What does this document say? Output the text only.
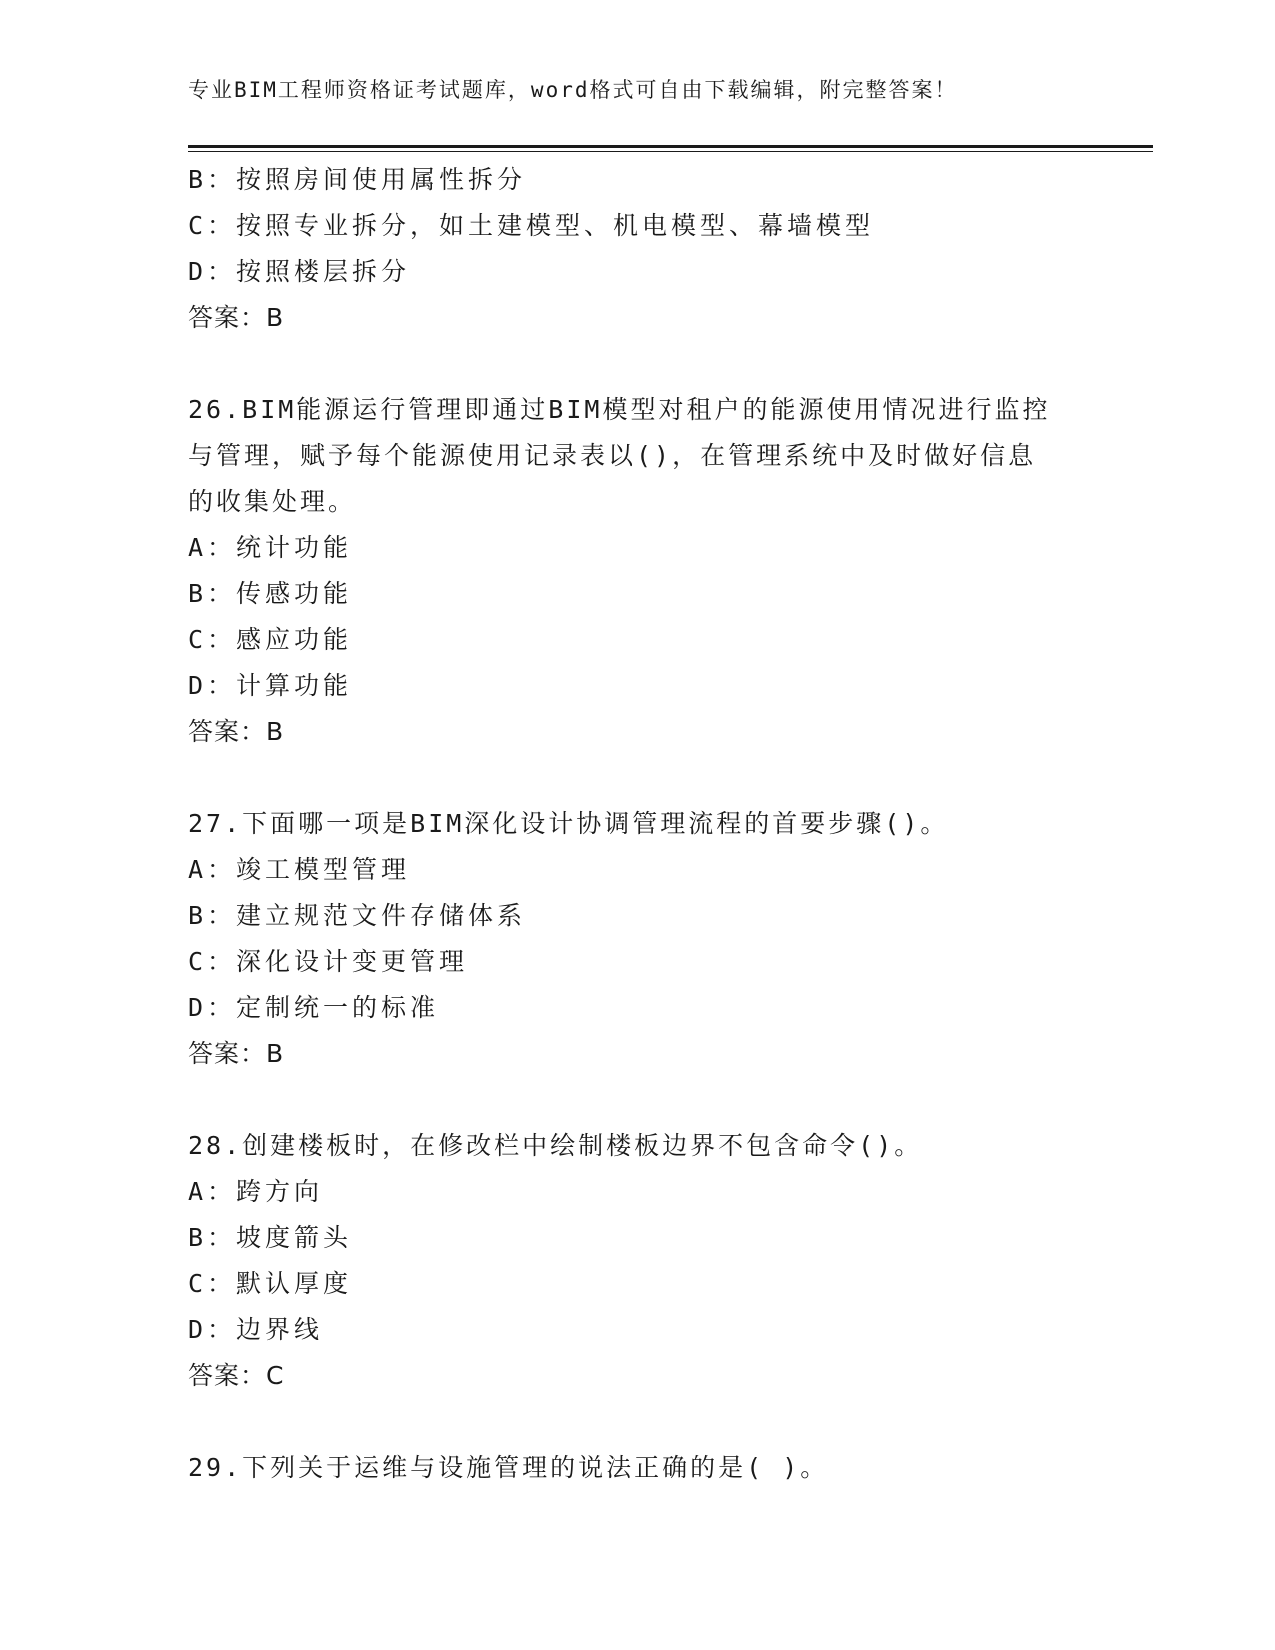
专业BIM工程师资格证考试题库，word格式可自由下载编辑，附完整答案！
B：按照房间使用属性拆分
C：按照专业拆分，如土建模型、机电模型、幕墙模型
D：按照楼层拆分
答案：B
26.BIM能源运行管理即通过BIM模型对租户的能源使用情况进行监控
与管理，赋予每个能源使用记录表以()，在管理系统中及时做好信息
的收集处理。
A：统计功能
B：传感功能
C：感应功能
D：计算功能
答案：B
27.下面哪一项是BIM深化设计协调管理流程的首要步骤()。
A：竣工模型管理
B：建立规范文件存储体系
C：深化设计变更管理
D：定制统一的标准
答案：B
28.创建楼板时，在修改栏中绘制楼板边界不包含命令()。
A：跨方向
B：坡度箭头
C：默认厚度
D：边界线
答案：C
29.下列关于运维与设施管理的说法正确的是( )。
